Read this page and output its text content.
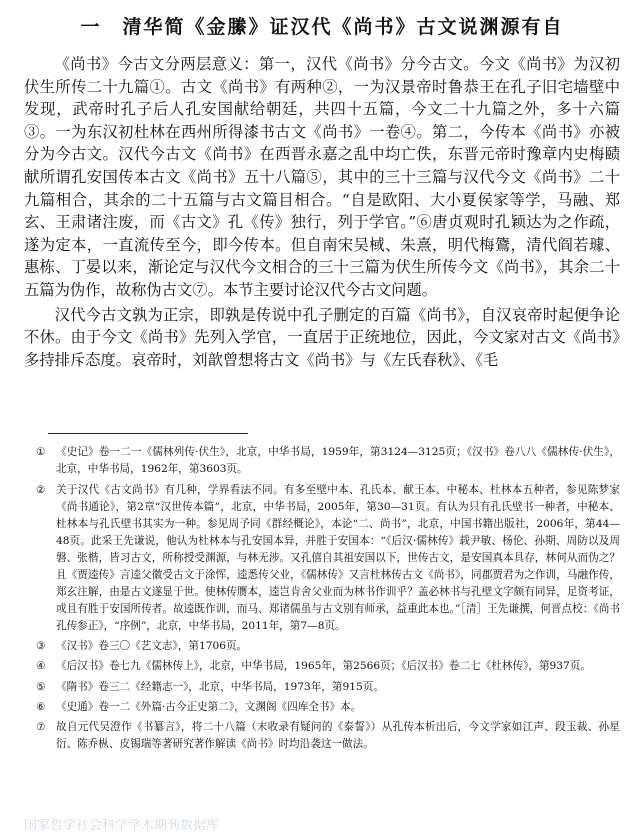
一　清华简《金縢》证汉代《尚书》古文说渊源有自

《尚书》今古文分两层意义：第一，汉代《尚书》分今古文。今文《尚书》为汉初伏生所传二十九篇①。古文《尚书》有两种②，一为汉景帝时鲁恭王在孔子旧宅墙壁中发现，武帝时孔子后人孔安国献给朝廷，共四十五篇，今文二十九篇之外，多十六篇③。一为东汉初杜林在西州所得漆书古文《尚书》一卷④。第二，今传本《尚书》亦被分为今古文。汉代今古文《尚书》在西晋永嘉之乱中均亡佚，东晋元帝时豫章内史梅赜献所谓孔安国传本古文《尚书》五十八篇⑤，其中的三十三篇与汉代今文《尚书》二十九篇相合，其余的二十五篇与古文篇目相合。“自是欧阳、大小夏侯家等学，马融、郑玄、王肃诸注废，而《古文》孔《传》独行，列于学官。”⑥唐贞观时孔颖达为之作疏，遂为定本，一直流传至今，即今传本。但自南宋吴棫、朱熹，明代梅鷟，清代阎若璩、惠栋、丁晏以来，渐论定与汉代今文相合的三十三篇为伏生所传今文《尚书》，其余二十五篇为伪作，故称伪古文⑦。本节主要讨论汉代今古文问题。

汉代今古文孰为正宗，即孰是传说中孔子删定的百篇《尚书》，自汉哀帝时起便争论不休。由于今文《尚书》先列入学官，一直居于正统地位，因此，今文家对古文《尚书》多持排斥态度。哀帝时，刘歆曾想将古文《尚书》与《左氏春秋》、《毛

① 《史记》卷一二一《儒林列传·伏生》，北京，中华书局，1959年，第3124—3125页；《汉书》卷八八《儒林传·伏生》，北京，中华书局，1962年，第3603页。
② 关于汉代《古文尚书》有几种，学界看法不同。有多至壁中本、孔氏本、献王本、中秘本、杜林本五种者，参见陈梦家《尚书通论》，第2章“汉世传本篇”，北京，中华书局，2005年，第30—31页。有认为只有孔氏壁书一种者，中秘本、杜林本与孔氏壁书其实为一种。参见周予同《群经概论》，本论“二、尚书”，北京，中国书籍出版社，2006年，第44—48页。此采王先谦说，他认为杜林本与孔安国本异，并胜于安国本：“《后汉·儒林传》载尹敏、杨伦、孙期、周防以及周磐、张楷，皆习古文，所称授受渊源，与林无涉。又孔僖自其祖安国以下，世传古文，是安国真本具存，林何从而伪之？且《贾逵传》言逵父徽受古文于涂恽，逵悉传父业，《儒林传》又言杜林传古文《尚书》，同郡贾君为之作训，马融作传，郑玄注解，由是古文遂显于世。使林传赝本，逵岂肯舍父业而为林书作训乎？盖必林书与孔壁文字颇有同异，足资考证，或且有胜于安国所传者。故逵既作训，而马、郑诸儒虽与古文别有师承，益重此本也。”［清］王先谦撰，何晋点校：《尚书孔传参正》，“序例”，北京，中华书局，2011年，第7—8页。
③ 《汉书》卷三〇《艺文志》，第1706页。
④ 《后汉书》卷七九《儒林传上》，北京，中华书局，1965年，第2566页；《后汉书》卷二七《杜林传》，第937页。
⑤ 《隋书》卷三二《经籍志一》，北京，中华书局，1973年，第915页。
⑥ 《史通》卷一二《外篇·古今正史第二》，文渊阁《四库全书》本。
⑦ 故自元代吴澄作《书纂言》，将二十八篇（末收录有疑问的《泰誓》）从孔传本析出后，今文学家如江声、段玉裁、孙星衍、陈乔枞、皮锡瑞等著研究著作解读《尚书》时均沿袭这一做法。
国家哲学社会科学学术期刊数据库
